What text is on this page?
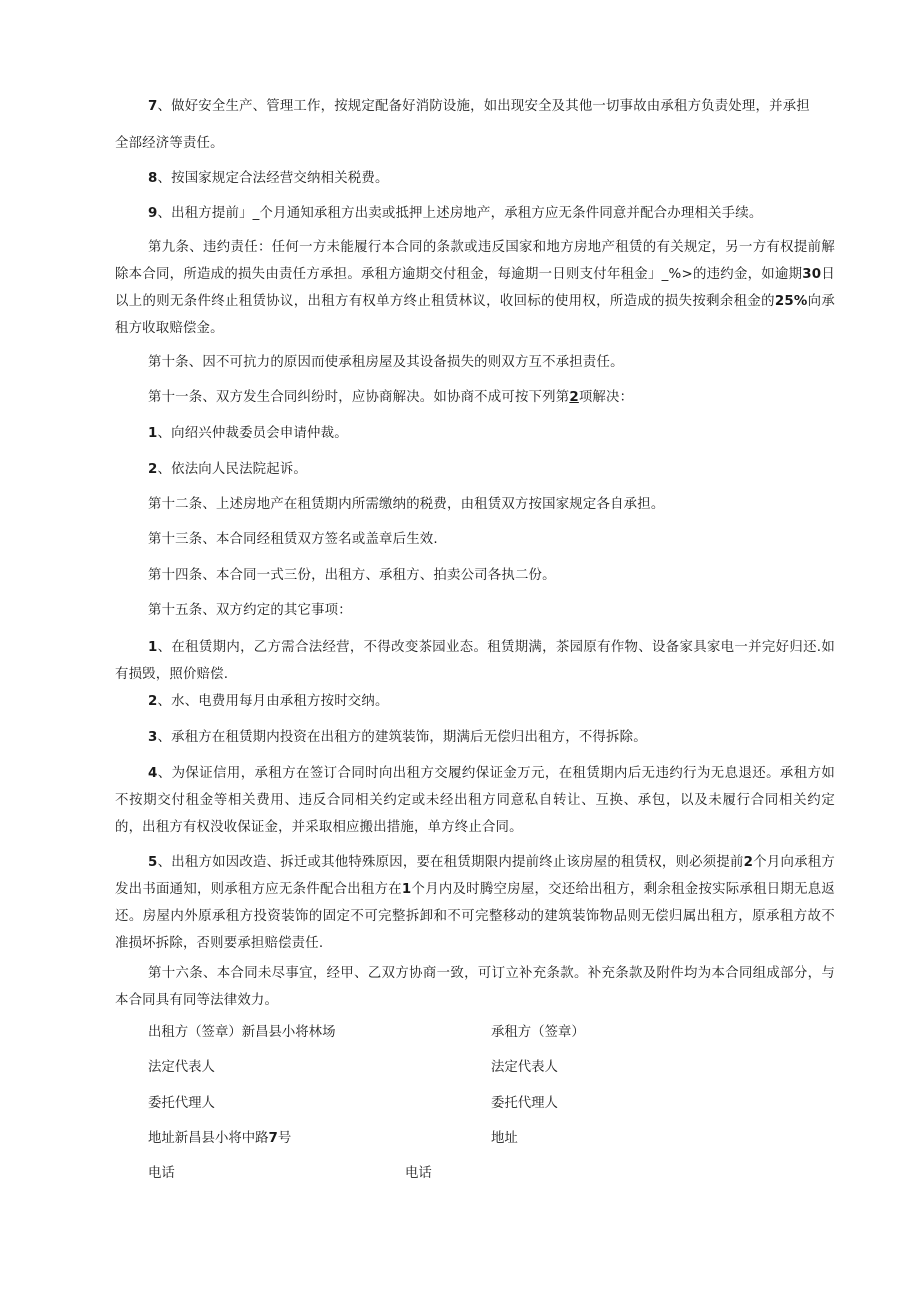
7、做好安全生产、管理工作，按规定配备好消防设施，如出现安全及其他一切事故由承租方负责处理，并承担
全部经济等责任。
8、按国家规定合法经营交纳相关税费。
9、出租方提前」_个月通知承租方出卖或抵押上述房地产，承租方应无条件同意并配合办理相关手续。
第九条、违约责任：任何一方未能履行本合同的条款或违反国家和地方房地产租赁的有关规定，另一方有权提前解除本合同，所造成的损失由责任方承担。承租方逾期交付租金，每逾期一日则支付年租金」_%>的违约金，如逾期30日以上的则无条件终止租赁协议，出租方有权单方终止租赁林议，收回标的使用权，所造成的损失按剩余租金的25%向承租方收取赔偿金。
第十条、因不可抗力的原因而使承租房屋及其设备损失的则双方互不承担责任。
第十一条、双方发生合同纠纷时，应协商解决。如协商不成可按下列第2项解决：
1、向绍兴仲裁委员会申请仲裁。
2、依法向人民法院起诉。
第十二条、上述房地产在租赁期内所需缴纳的税费，由租赁双方按国家规定各自承担。
第十三条、本合同经租赁双方签名或盖章后生效.
第十四条、本合同一式三份，出租方、承租方、拍卖公司各执二份。
第十五条、双方约定的其它事项：
1、在租赁期内，乙方需合法经营，不得改变茶园业态。租赁期满，茶园原有作物、设备家具家电一并完好归还.如有损毁，照价赔偿.
2、水、电费用每月由承租方按时交纳。
3、承租方在租赁期内投资在出租方的建筑装饰，期满后无偿归出租方，不得拆除。
4、为保证信用，承租方在签订合同时向出租方交履约保证金万元，在租赁期内后无违约行为无息退还。承租方如不按期交付租金等相关费用、违反合同相关约定或未经出租方同意私自转让、互换、承包，以及未履行合同相关约定的，出租方有权没收保证金，并采取相应搬出措施，单方终止合同。
5、出租方如因改造、拆迁或其他特殊原因，要在租赁期限内提前终止该房屋的租赁权，则必须提前2个月向承租方发出书面通知，则承租方应无条件配合出租方在1个月内及时腾空房屋，交还给出租方，剩余租金按实际承租日期无息返还。房屋内外原承租方投资装饰的固定不可完整拆卸和不可完整移动的建筑装饰物品则无偿归属出租方，原承租方故不准损坏拆除，否则要承担赔偿责任.
第十六条、本合同未尽事宜，经甲、乙双方协商一致，可订立补充条款。补充条款及附件均为本合同组成部分，与本合同具有同等法律效力。
出租方（签章）新昌县小将林场	承租方（签章）
法定代表人	法定代表人
委托代理人	委托代理人
地址新昌县小将中路7号	地址
电话	电话
